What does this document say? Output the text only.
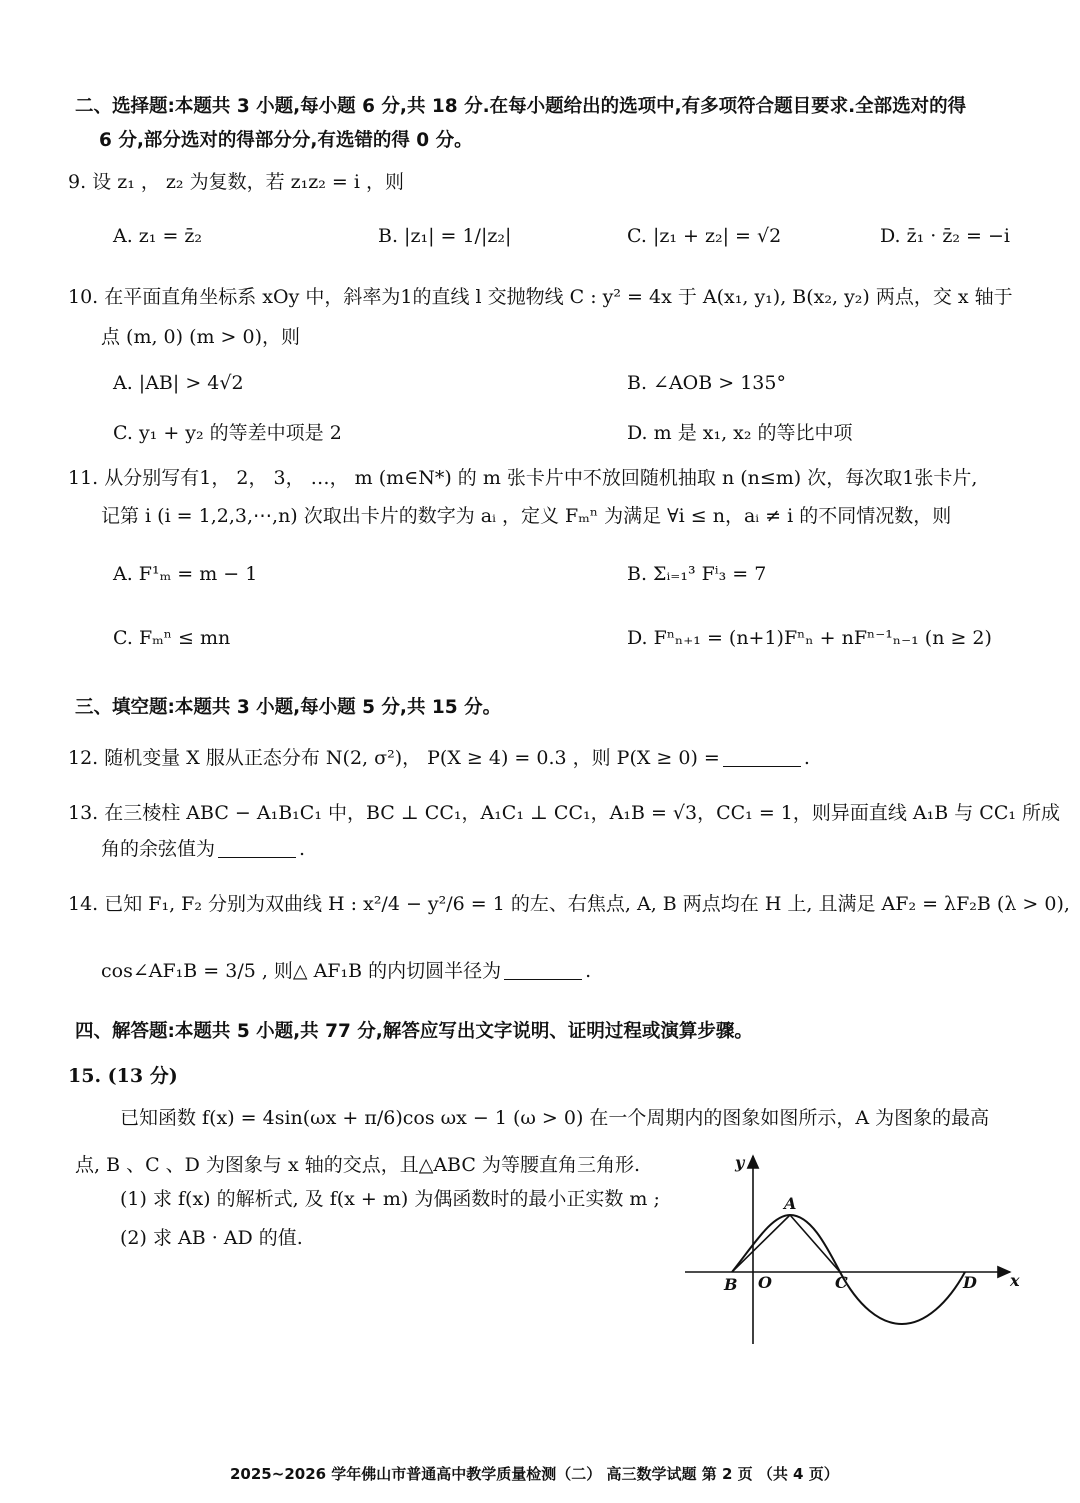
二、选择题:本题共 3 小题,每小题 6 分,共 18 分.在每小题给出的选项中,有多项符合题目要求.全部选对的得
6 分,部分选对的得部分分,有选错的得 0 分。
9. 设 z₁ ， z₂ 为复数，若 z₁z₂ = i ，则
A. z₁ = z̄₂	B. |z₁| = 1/|z₂|	C. |z₁ + z₂| = √2	D. z̄₁ · z̄₂ = −i
10. 在平面直角坐标系 xOy 中，斜率为1的直线 l 交抛物线 C : y² = 4x 于 A(x₁, y₁), B(x₂, y₂) 两点，交 x 轴于
点 (m, 0) (m > 0)，则
A. |AB| > 4√2	B. ∠AOB > 135°
C. y₁ + y₂ 的等差中项是 2	D. m 是 x₁, x₂ 的等比中项
11. 从分别写有1， 2， 3， …， m (m∈N*) 的 m 张卡片中不放回随机抽取 n (n≤m) 次，每次取1张卡片,
记第 i (i = 1,2,3,⋯,n) 次取出卡片的数字为 aᵢ ，定义 Fₘⁿ 为满足 ∀i ≤ n，aᵢ ≠ i 的不同情况数，则
A. F¹ₘ = m − 1	B. Σᵢ₌₁³ Fⁱ₃ = 7
C. Fₘⁿ ≤ mn	D. Fⁿₙ₊₁ = (n+1)Fⁿₙ + nFⁿ⁻¹ₙ₋₁ (n ≥ 2)
三、填空题:本题共 3 小题,每小题 5 分,共 15 分。
12. 随机变量 X 服从正态分布 N(2, σ²)， P(X ≥ 4) = 0.3 ，则 P(X ≥ 0) =	.
13. 在三棱柱 ABC − A₁B₁C₁ 中，BC ⊥ CC₁，A₁C₁ ⊥ CC₁，A₁B = √3，CC₁ = 1，则异面直线 A₁B 与 CC₁ 所成
角的余弦值为	.
14. 已知 F₁, F₂ 分别为双曲线 H : x²/4 − y²/6 = 1 的左、右焦点, A, B 两点均在 H 上, 且满足 AF₂ = λF₂B (λ > 0),
cos∠AF₁B = 3/5 , 则△ AF₁B 的内切圆半径为	.
四、解答题:本题共 5 小题,共 77 分,解答应写出文字说明、证明过程或演算步骤。
15. (13 分)
已知函数 f(x) = 4sin(ωx + π/6)cos ωx − 1 (ω > 0) 在一个周期内的图象如图所示，A 为图象的最高
点, B 、C 、D 为图象与 x 轴的交点，且△ABC 为等腰直角三角形.
(1) 求 f(x) 的解析式, 及 f(x + m) 为偶函数时的最小正实数 m ;
(2) 求 AB · AD 的值.
y
x
A
B O	C	D
2025~2026 学年佛山市普通高中教学质量检测（二） 高三数学试题 第 2 页 （共 4 页）
